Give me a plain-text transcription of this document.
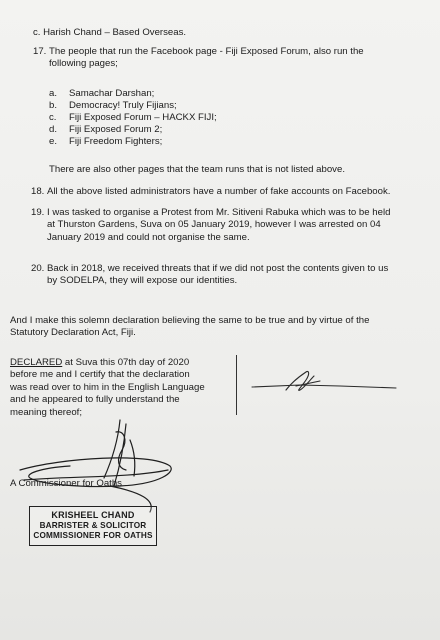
c. Harish Chand – Based Overseas.
17. The people that run the Facebook page - Fiji Exposed Forum, also run the
following pages;
a. Samachar Darshan;
b. Democracy! Truly Fijians;
c. Fiji Exposed Forum – HACKX FIJI;
d. Fiji Exposed Forum 2;
e. Fiji Freedom Fighters;
There are also other pages that the team runs that is not listed above.
18. All the above listed administrators have a number of fake accounts on Facebook.
19. I was tasked to organise a Protest from Mr. Sitiveni Rabuka which was to be held
at Thurston Gardens, Suva on 05 January 2019, however I was arrested on 04
January 2019 and could not organise the same.
20. Back in 2018, we received threats that if we did not post the contents given to us
by SODELPA, they will expose our identities.
And I make this solemn declaration believing the same to be true and by virtue of the
Statutory Declaration Act, Fiji.
DECLARED at Suva this 07th day of 2020
before me and I certify that the declaration
was read over to him in the English Language
and he appeared to fully understand the
meaning thereof;
A Commissioner for Oaths
KRISHEEL CHAND
BARRISTER & SOLICITOR
COMMISSIONER FOR OATHS
